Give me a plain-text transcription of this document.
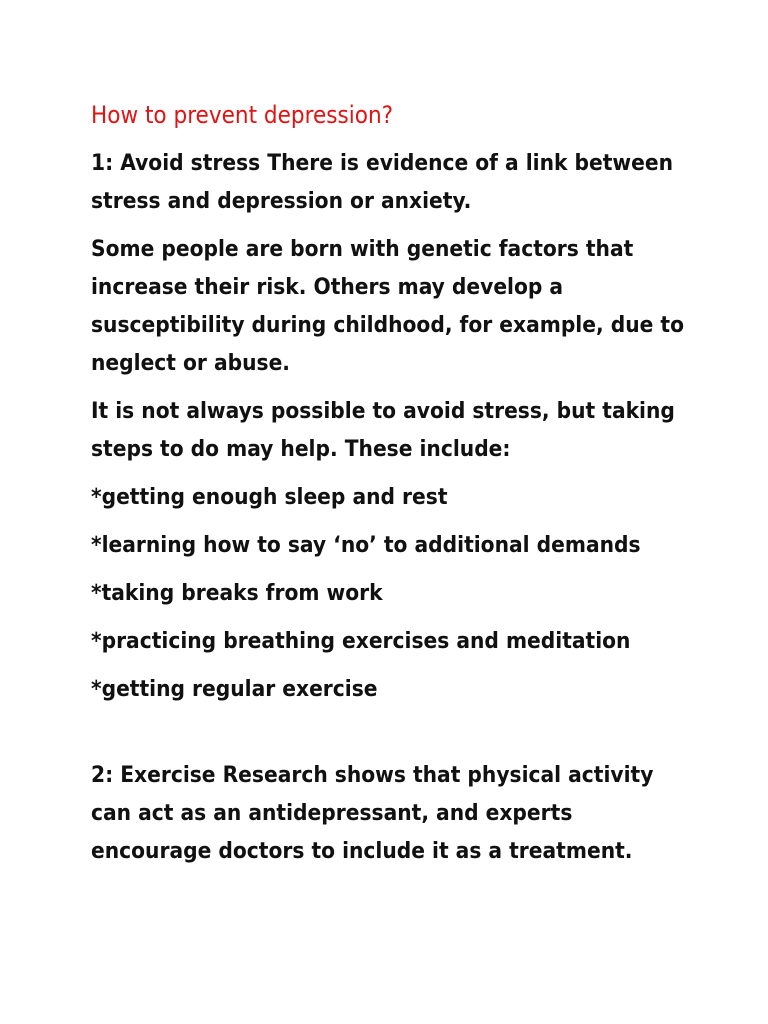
How to prevent depression?

1: Avoid stress There is evidence of a link between stress and depression or anxiety.

Some people are born with genetic factors that increase their risk. Others may develop a susceptibility during childhood, for example, due to neglect or abuse.

It is not always possible to avoid stress, but taking steps to do may help. These include:

*getting enough sleep and rest

*learning how to say ‘no’ to additional demands

*taking breaks from work

*practicing breathing exercises and meditation

*getting regular exercise

2: Exercise Research shows that physical activity can act as an antidepressant, and experts encourage doctors to include it as a treatment.
